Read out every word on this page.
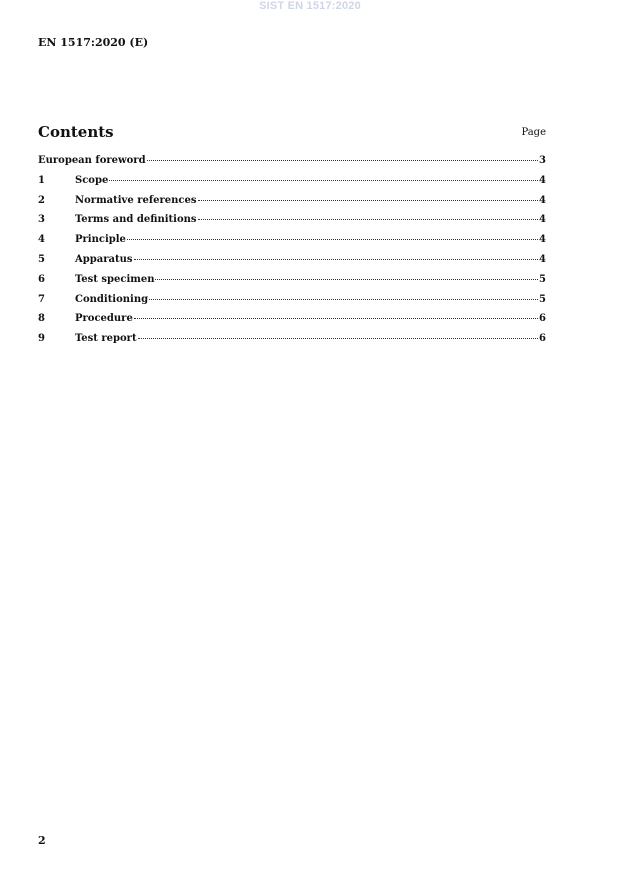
SIST EN 1517:2020
EN 1517:2020 (E)
Contents	Page
European foreword	3
1	Scope	4
2	Normative references	4
3	Terms and definitions	4
4	Principle	4
5	Apparatus	4
6	Test specimen	5
7	Conditioning	5
8	Procedure	6
9	Test report	6
2
